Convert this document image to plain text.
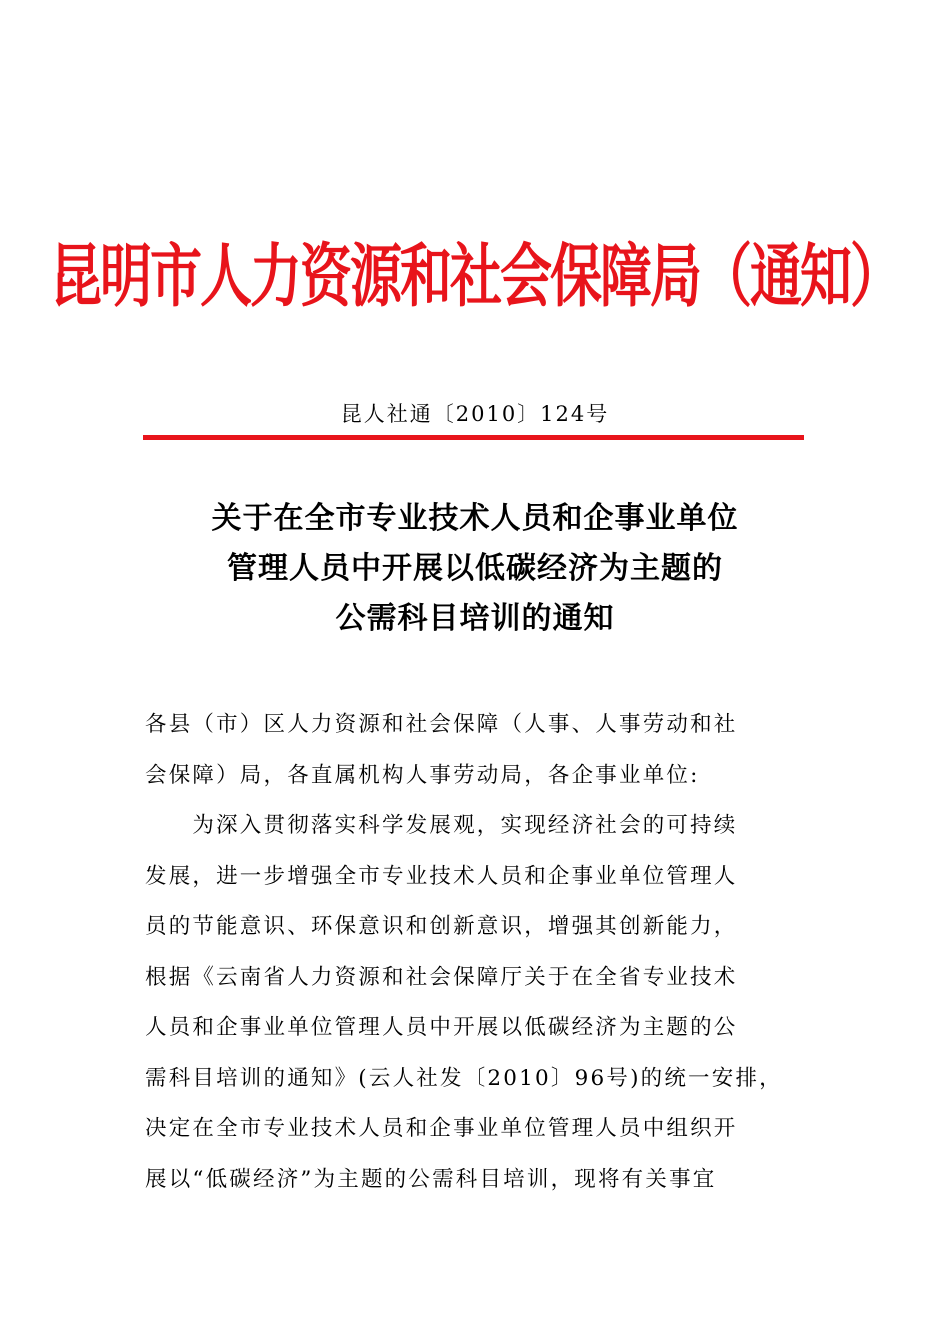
昆明市人力资源和社会保障局（通知）
昆人社通〔2010〕124号
关于在全市专业技术人员和企事业单位
管理人员中开展以低碳经济为主题的
公需科目培训的通知
各县（市）区人力资源和社会保障（人事、人事劳动和社
会保障）局，各直属机构人事劳动局，各企事业单位:
　　为深入贯彻落实科学发展观，实现经济社会的可持续
发展，进一步增强全市专业技术人员和企事业单位管理人
员的节能意识、环保意识和创新意识，增强其创新能力，
根据《云南省人力资源和社会保障厅关于在全省专业技术
人员和企事业单位管理人员中开展以低碳经济为主题的公
需科目培训的通知》(云人社发〔2010〕96号)的统一安排，
决定在全市专业技术人员和企事业单位管理人员中组织开
展以“低碳经济”为主题的公需科目培训，现将有关事宜
